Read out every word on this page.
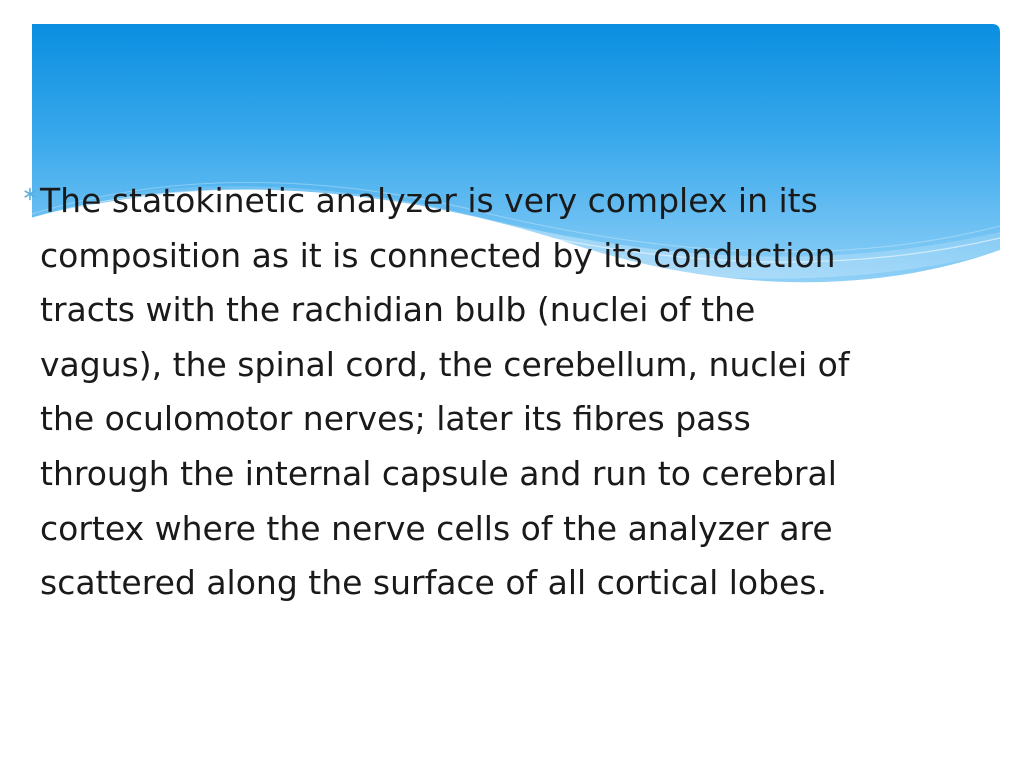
The statokinetic analyzer is very complex in its
composition as it is connected by its conduction
tracts with the rachidian bulb (nuclei of the
vagus), the spinal cord, the cerebellum, nuclei of
the oculomotor nerves; later its fibres pass
through the internal capsule and run to cerebral
cortex where the nerve cells of the analyzer are
scattered along the surface of all cortical lobes.
